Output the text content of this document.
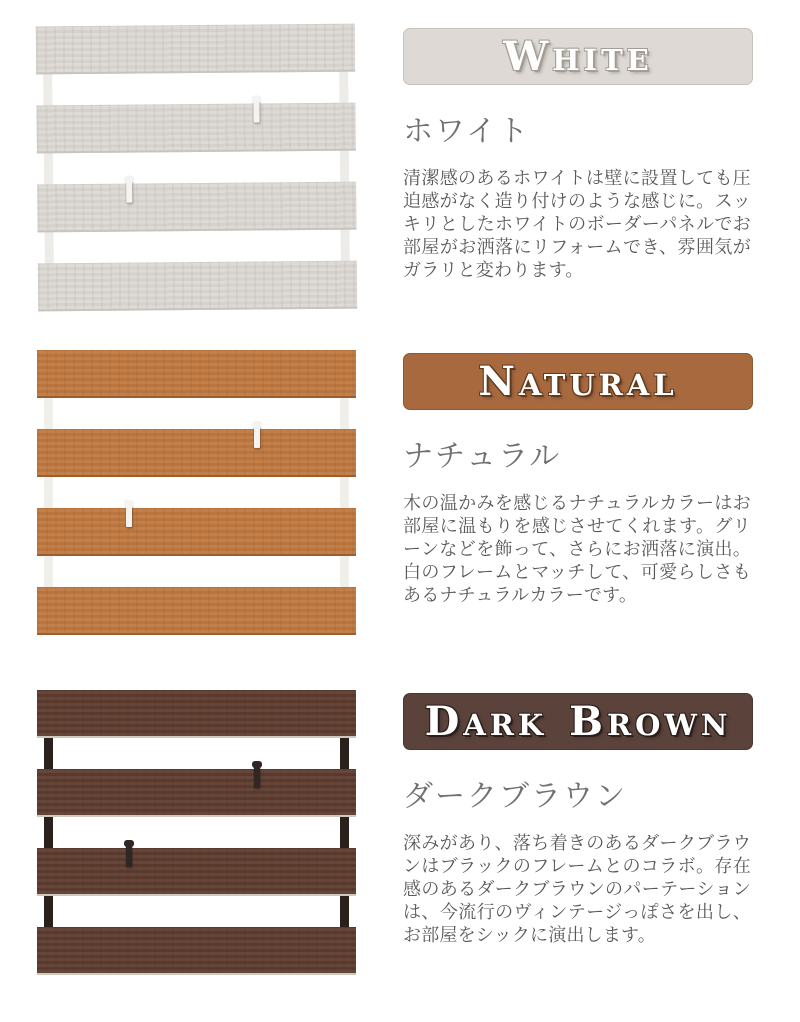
WHITE
ホワイト

清潔感のあるホワイトは壁に設置しても圧迫感がなく造り付けのような感じに。スッキリとしたホワイトのボーダーパネルでお部屋がお洒落にリフォームでき、雰囲気がガラリと変わります。

NATURAL
ナチュラル

木の温かみを感じるナチュラルカラーはお部屋に温もりを感じさせてくれます。グリーンなどを飾って、さらにお洒落に演出。白のフレームとマッチして、可愛らしさもあるナチュラルカラーです。

DARK BROWN
ダークブラウン

深みがあり、落ち着きのあるダークブラウンはブラックのフレームとのコラボ。存在感のあるダークブラウンのパーテーションは、今流行のヴィンテージっぽさを出し、お部屋をシックに演出します。
